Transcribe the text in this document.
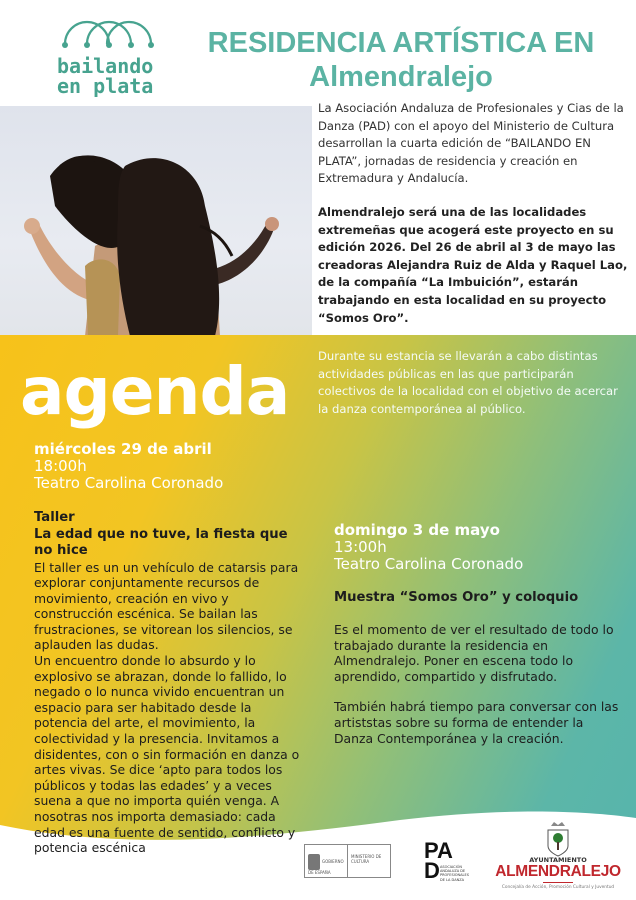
bailando
en plata
RESIDENCIA ARTÍSTICA EN
Almendralejo

La Asociación Andaluza de Profesionales y Cias de la Danza (PAD) con el apoyo del Ministerio de Cultura desarrollan la cuarta edición de “BAILANDO EN PLATA”, jornadas de residencia y creación en Extremadura y Andalucía.

Almendralejo será una de las localidades extremeñas que acogerá este proyecto en su edición 2026. Del 26 de abril al 3 de mayo las creadoras Alejandra Ruiz de Alda y Raquel Lao, de la compañía “La Imbuición”, estarán trabajando en esta localidad en su proyecto “Somos Oro”.

Durante su estancia se llevarán a cabo distintas actividades públicas en las que participarán colectivos de la localidad con el objetivo de acercar la danza contemporánea al público.
agenda
miércoles 29 de abril
18:00h
Teatro Carolina Coronado
Taller
La edad que no tuve, la fiesta que no hice

El taller es un un vehículo de catarsis para explorar conjuntamente recursos de movimiento, creación en vivo y construcción escénica. Se bailan las frustraciones, se vitorean los silencios, se aplauden las dudas.

Un encuentro donde lo absurdo y lo explosivo se abrazan, donde lo fallido, lo negado o lo nunca vivido encuentran un espacio para ser habitado desde la potencia del arte, el movimiento, la colectividad y la presencia. Invitamos a disidentes, con o sin formación en danza o artes vivas. Se dice ‘apto para todos los públicos y todas las edades’ y a veces suena a que no importa quién venga. A nosotras nos importa demasiado: cada edad es una fuente de sentido, conflicto y potencia escénica

domingo 3 de mayo
13:00h
Teatro Carolina Coronado
Muestra “Somos Oro” y coloquio

Es el momento de ver el resultado de todo lo trabajado durante la residencia en Almendralejo. Poner en escena todo lo aprendido, compartido y disfrutado.

También habrá tiempo para conversar con las artiststas sobre su forma de entender la Danza Contemporánea y la creación.

GOBIERNO DE ESPAÑA
MINISTERIO DE CULTURA	PA
D ASOCIACIÓN ANDALUZA DE PROFESIONALES DE LA DANZA
AYUNTAMIENTO
ALMENDRALEJO
Concejalía de Acción, Promoción Cultural y Juventud
